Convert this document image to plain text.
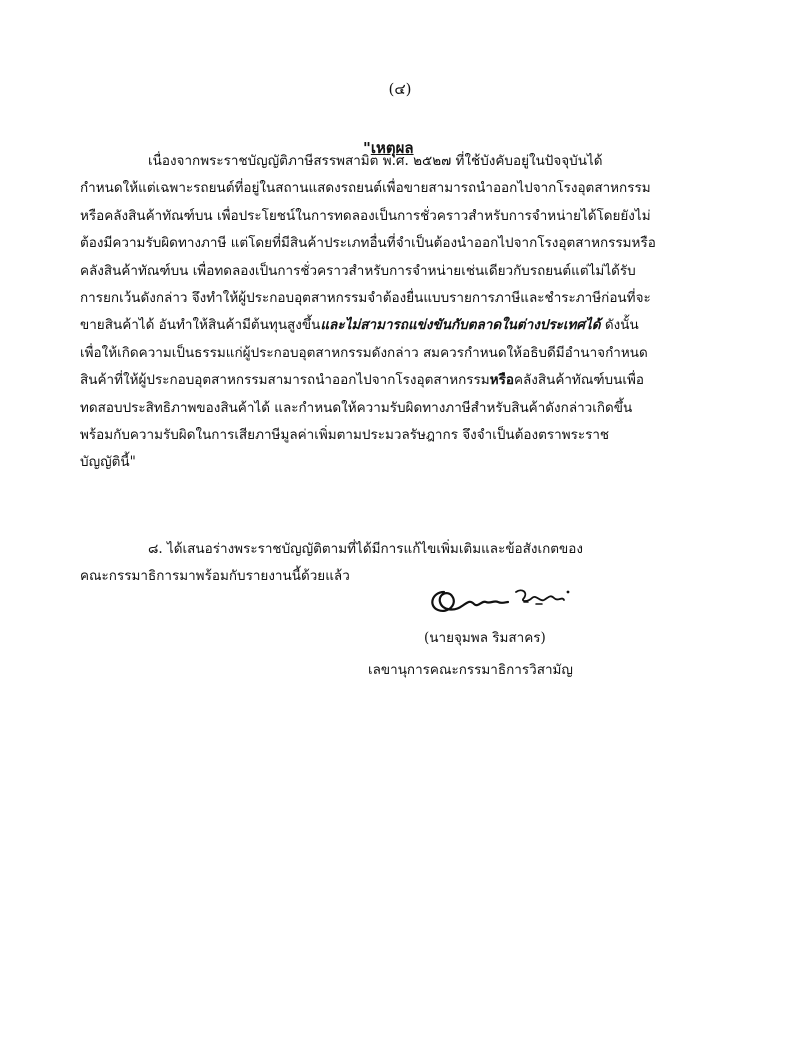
(๔)
"เหตุผล
เนื่องจากพระราชบัญญัติภาษีสรรพสามิต พ.ศ. ๒๕๒๗ ที่ใช้บังคับอยู่ในปัจจุบันได้
กำหนดให้แต่เฉพาะรถยนต์ที่อยู่ในสถานแสดงรถยนต์เพื่อขายสามารถนำออกไปจากโรงอุตสาหกรรม
หรือคลังสินค้าทัณฑ์บน เพื่อประโยชน์ในการทดลองเป็นการชั่วคราวสำหรับการจำหน่ายได้โดยยังไม่
ต้องมีความรับผิดทางภาษี แต่โดยที่มีสินค้าประเภทอื่นที่จำเป็นต้องนำออกไปจากโรงอุตสาหกรรมหรือ
คลังสินค้าทัณฑ์บน เพื่อทดลองเป็นการชั่วคราวสำหรับการจำหน่ายเช่นเดียวกับรถยนต์แต่ไม่ได้รับ
การยกเว้นดังกล่าว จึงทำให้ผู้ประกอบอุตสาหกรรมจำต้องยื่นแบบรายการภาษีและชำระภาษีก่อนที่จะ
ขายสินค้าได้ อันทำให้สินค้ามีต้นทุนสูงขึ้นและไม่สามารถแข่งขันกับตลาดในต่างประเทศได้ ดังนั้น
เพื่อให้เกิดความเป็นธรรมแก่ผู้ประกอบอุตสาหกรรมดังกล่าว สมควรกำหนดให้อธิบดีมีอำนาจกำหนด
สินค้าที่ให้ผู้ประกอบอุตสาหกรรมสามารถนำออกไปจากโรงอุตสาหกรรมหรือคลังสินค้าทัณฑ์บนเพื่อ
ทดสอบประสิทธิภาพของสินค้าได้ และกำหนดให้ความรับผิดทางภาษีสำหรับสินค้าดังกล่าวเกิดขึ้น
พร้อมกับความรับผิดในการเสียภาษีมูลค่าเพิ่มตามประมวลรัษฎากร จึงจำเป็นต้องตราพระราช
บัญญัตินี้"
๘. ได้เสนอร่างพระราชบัญญัติตามที่ได้มีการแก้ไขเพิ่มเติมและข้อสังเกตของ
คณะกรรมาธิการมาพร้อมกับรายงานนี้ด้วยแล้ว
(นายจุมพล ริมสาคร)
เลขานุการคณะกรรมาธิการวิสามัญ
